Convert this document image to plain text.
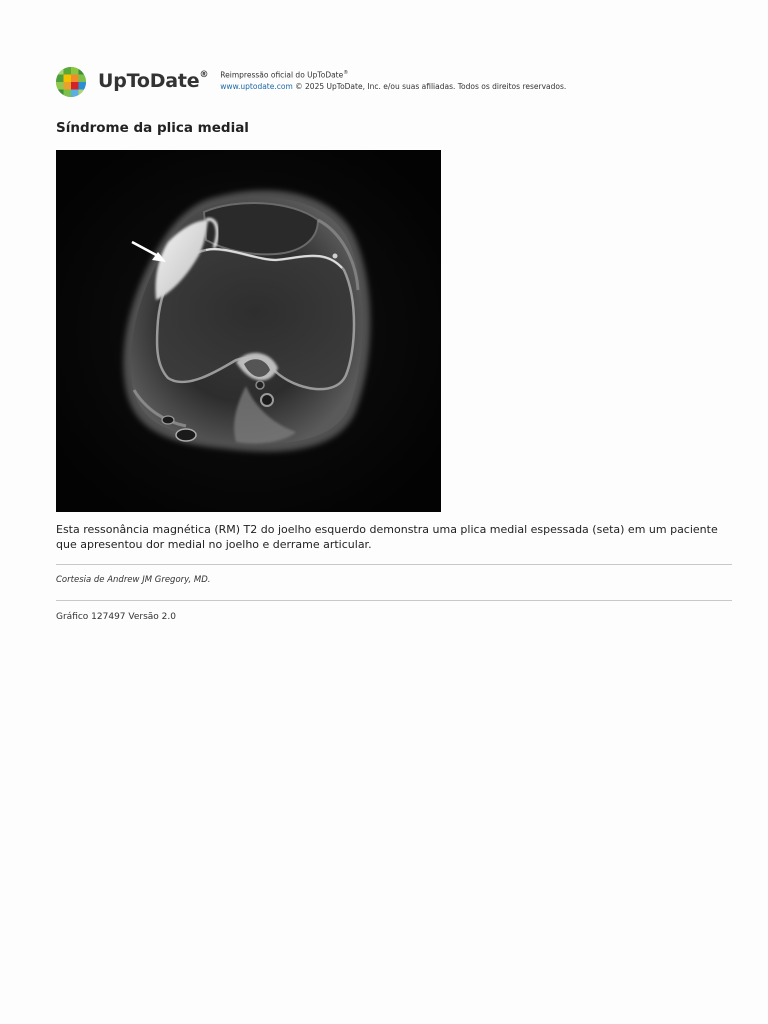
UpToDate® Reimpressão oficial do UpToDate®
www.uptodate.com © 2025 UpToDate, Inc. e/ou suas afiliadas. Todos os direitos reservados.
Síndrome da plica medial

Esta ressonância magnética (RM) T2 do joelho esquerdo demonstra uma plica medial espessada (seta) em um paciente que apresentou dor medial no joelho e derrame articular.

Cortesia de Andrew JM Gregory, MD.
Gráfico 127497 Versão 2.0
